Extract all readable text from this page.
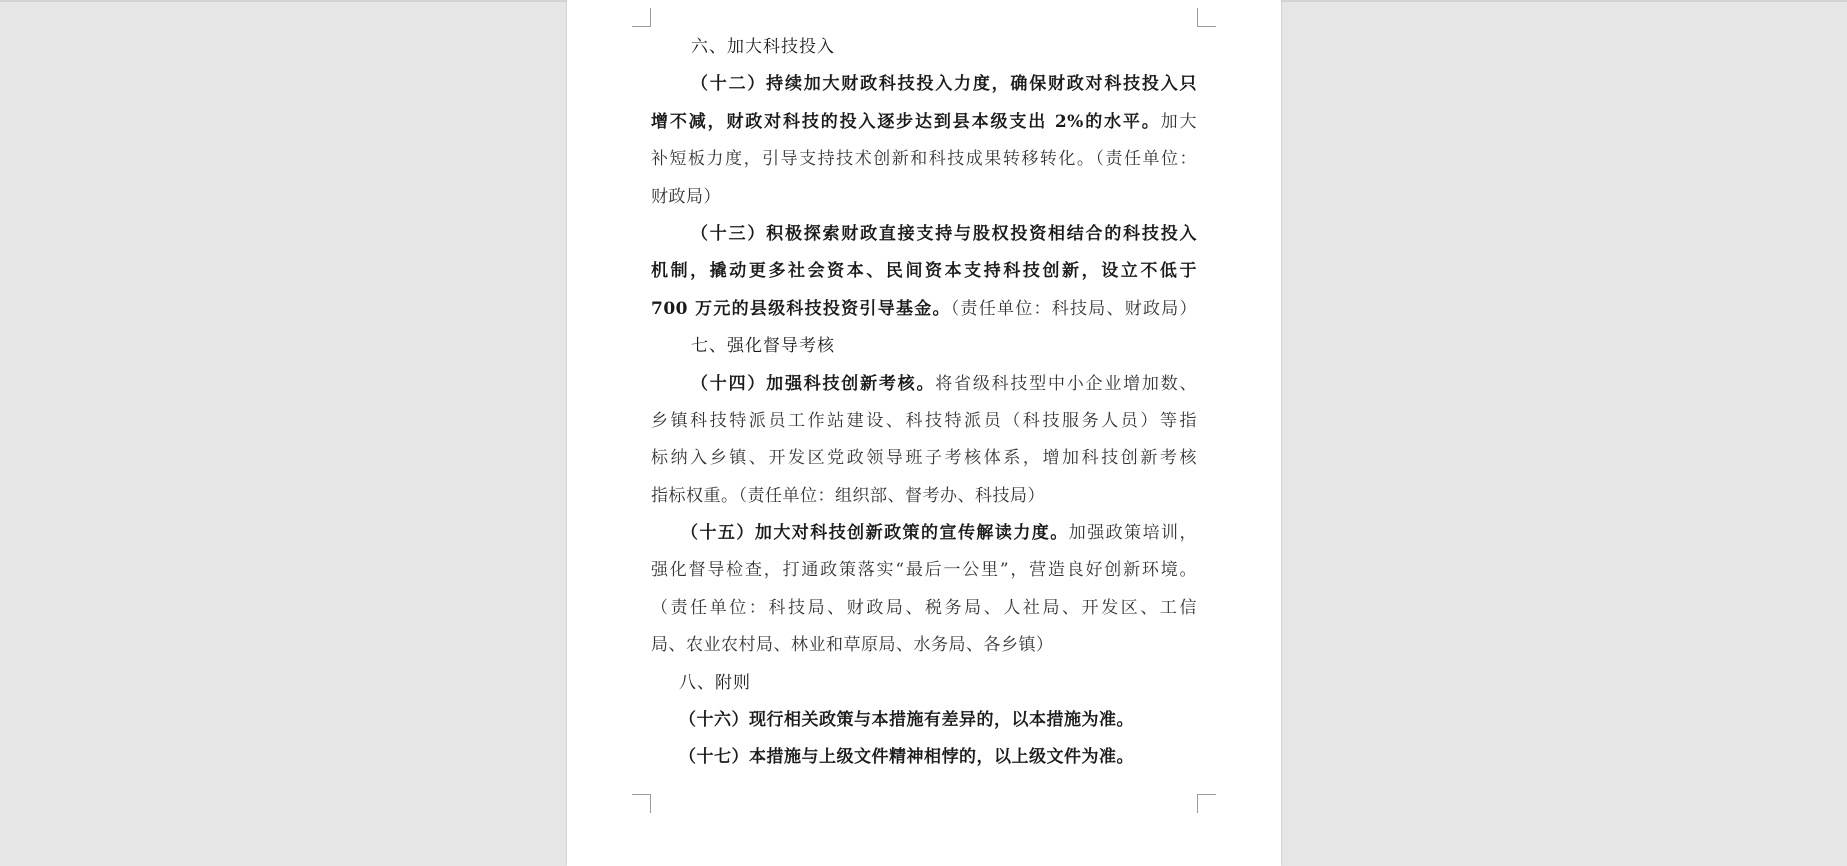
六、加大科技投入
（十二）持续加大财政科技投入力度，确保财政对科技投入只
增不减，财政对科技的投入逐步达到县本级支出 2%的水平。加大
补短板力度，引导支持技术创新和科技成果转移转化。（责任单位：
财政局）
（十三）积极探索财政直接支持与股权投资相结合的科技投入
机制，撬动更多社会资本、民间资本支持科技创新，设立不低于
700 万元的县级科技投资引导基金。（责任单位：科技局、财政局）
七、强化督导考核
（十四）加强科技创新考核。将省级科技型中小企业增加数、
乡镇科技特派员工作站建设、科技特派员（科技服务人员）等指
标纳入乡镇、开发区党政领导班子考核体系，增加科技创新考核
指标权重。（责任单位：组织部、督考办、科技局）
（十五）加大对科技创新政策的宣传解读力度。加强政策培训，
强化督导检查，打通政策落实“最后一公里”，营造良好创新环境。
（责任单位：科技局、财政局、税务局、人社局、开发区、工信
局、农业农村局、林业和草原局、水务局、各乡镇）
八、附则
（十六）现行相关政策与本措施有差异的，以本措施为准。
（十七）本措施与上级文件精神相悖的，以上级文件为准。
